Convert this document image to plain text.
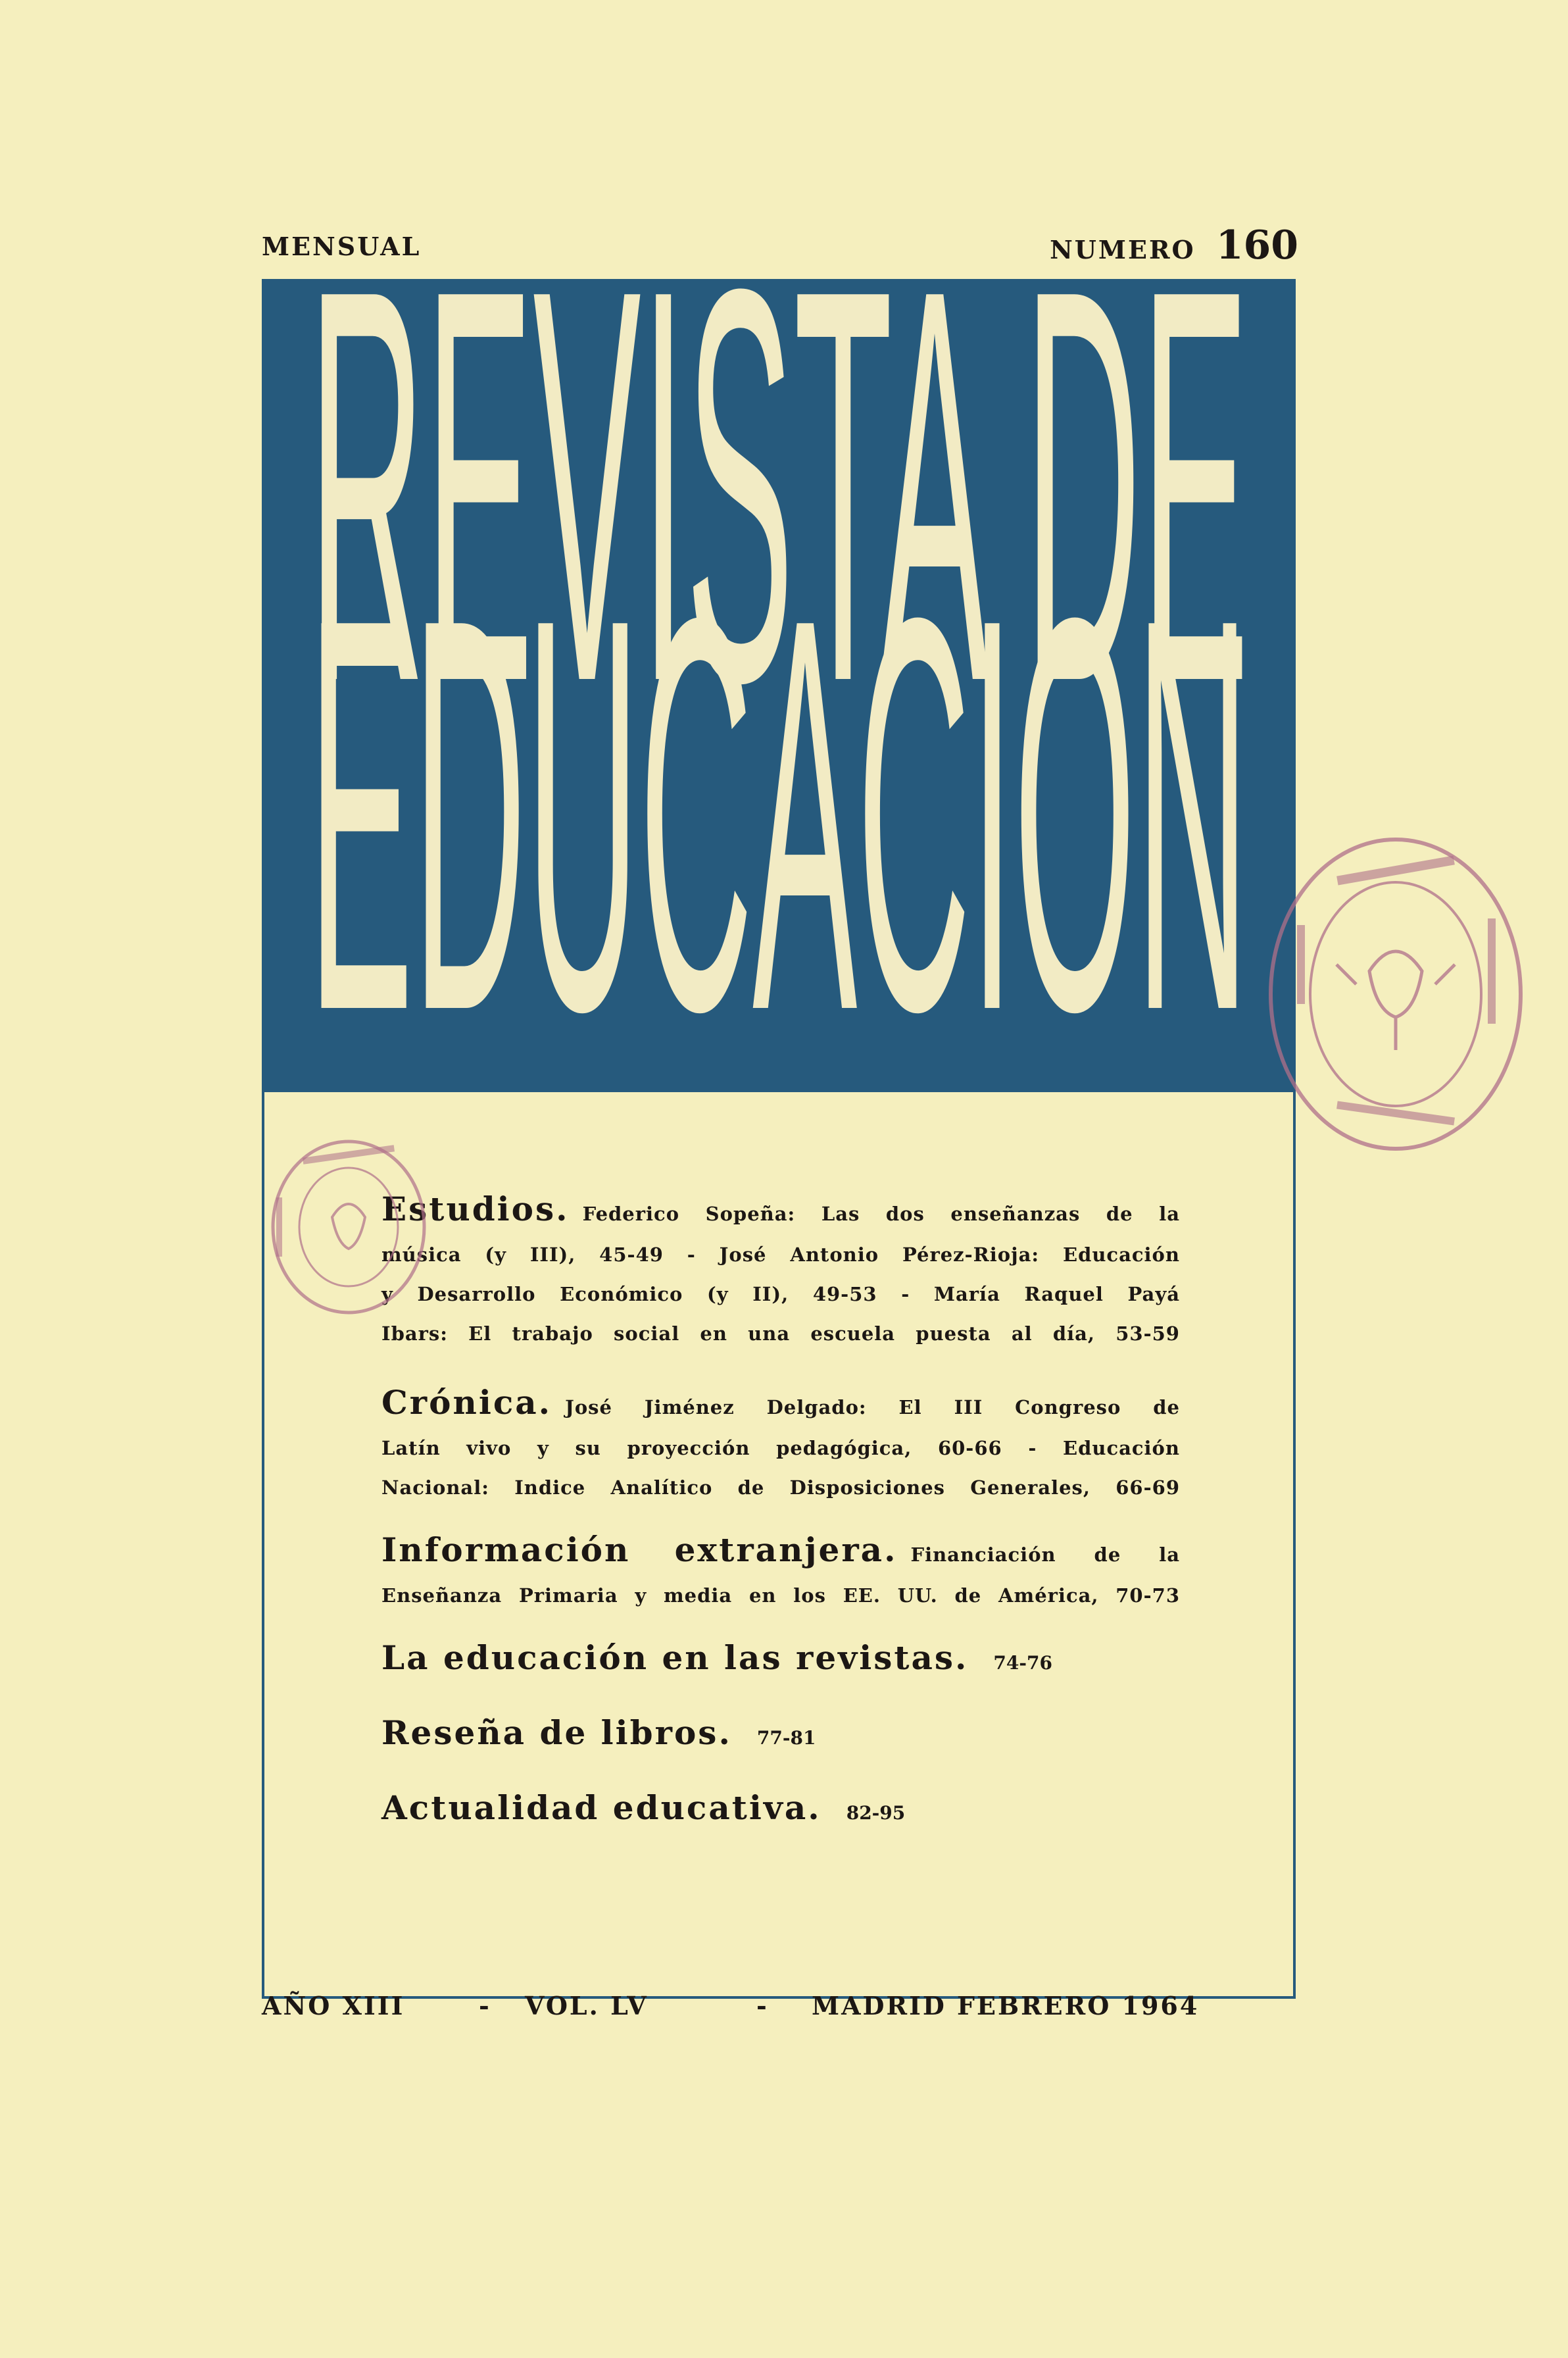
MENSUAL	NUMERO 160
REVISTA DE
EDUCACION

Estudios. Federico Sopeña: Las dos enseñanzas de la

música (y III), 45-49 - José Antonio Pérez-Rioja: Educación

y Desarrollo Económico (y II), 49-53 - María Raquel Payá

Ibars: El trabajo social en una escuela puesta al día, 53-59

Crónica. José Jiménez Delgado: El III Congreso de

Latín vivo y su proyección pedagógica, 60-66 - Educación

Nacional: Indice Analítico de Disposiciones Generales, 66-69

Información extranjera. Financiación de la

Enseñanza Primaria y media en los EE. UU. de América, 70-73

La educación en las revistas. 74-76
Reseña de libros. 77-81
Actualidad educativa. 82-95
AÑO XIII	- VOL. LV	- MADRID FEBRERO 1964
